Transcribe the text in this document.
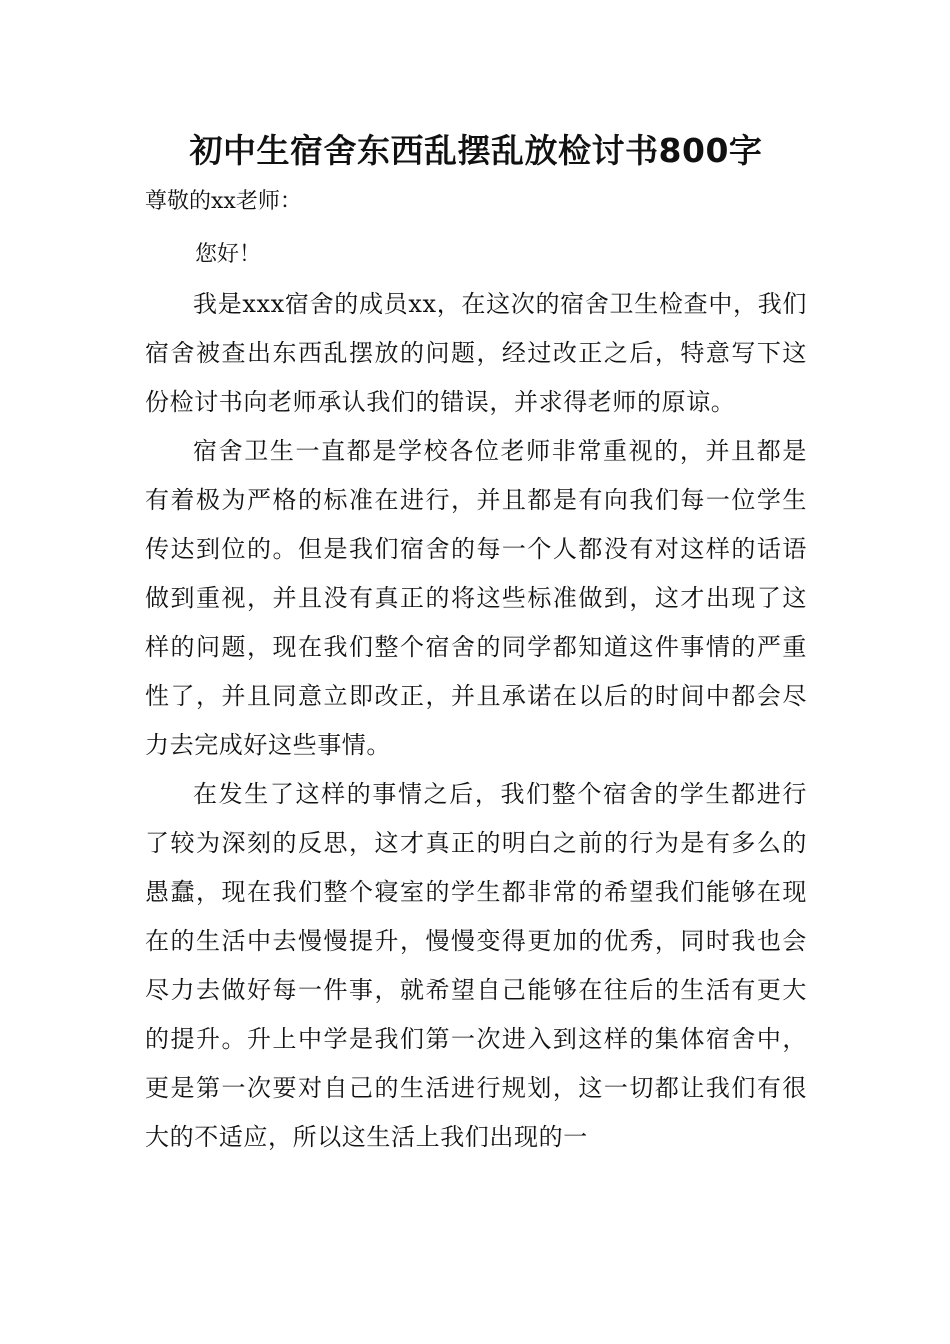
初中生宿舍东西乱摆乱放检讨书800字

尊敬的xx老师：

您好！

我是xxx宿舍的成员xx，在这次的宿舍卫生检查中，我们宿舍被查出东西乱摆放的问题，经过改正之后，特意写下这份检讨书向老师承认我们的错误，并求得老师的原谅。

宿舍卫生一直都是学校各位老师非常重视的，并且都是有着极为严格的标准在进行，并且都是有向我们每一位学生传达到位的。但是我们宿舍的每一个人都没有对这样的话语做到重视，并且没有真正的将这些标准做到，这才出现了这样的问题，现在我们整个宿舍的同学都知道这件事情的严重性了，并且同意立即改正，并且承诺在以后的时间中都会尽力去完成好这些事情。

在发生了这样的事情之后，我们整个宿舍的学生都进行了较为深刻的反思，这才真正的明白之前的行为是有多么的愚蠢，现在我们整个寝室的学生都非常的希望我们能够在现在的生活中去慢慢提升，慢慢变得更加的优秀，同时我也会尽力去做好每一件事，就希望自己能够在往后的生活有更大的提升。升上中学是我们第一次进入到这样的集体宿舍中，更是第一次要对自己的生活进行规划，这一切都让我们有很大的不适应，所以这生活上我们出现的一
